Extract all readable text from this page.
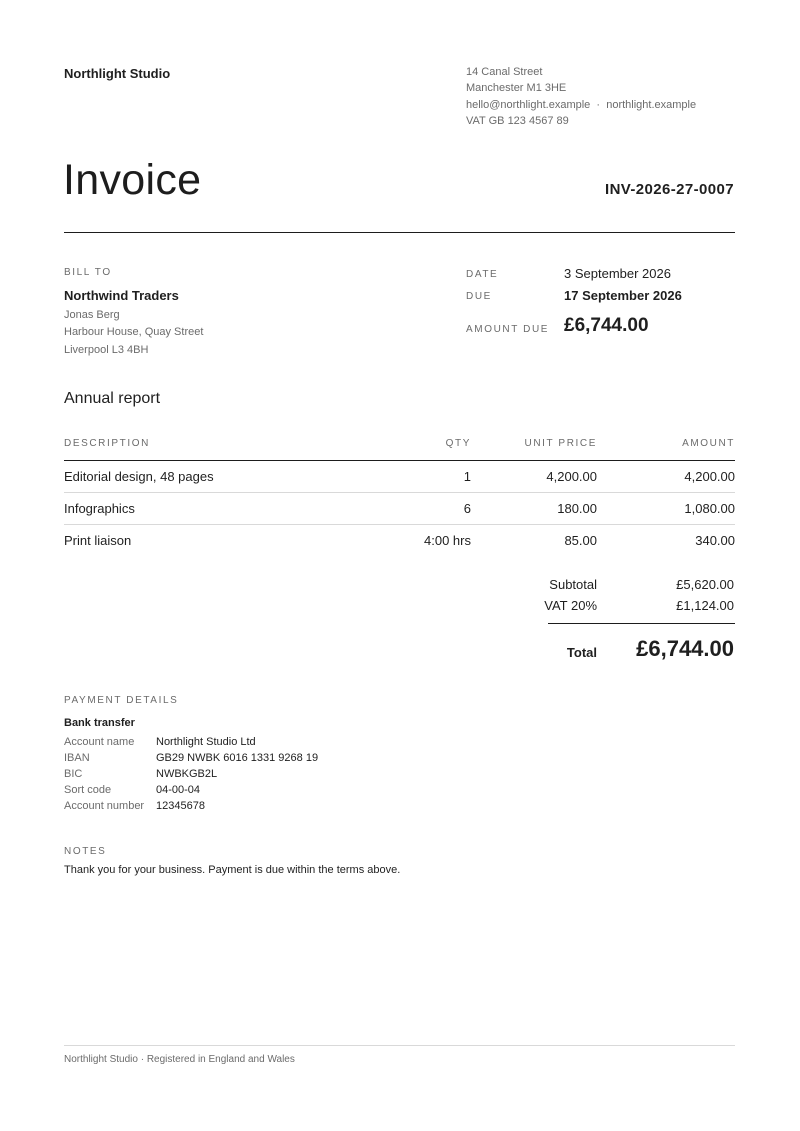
Northlight Studio	14 Canal Street
Manchester M1 3HE
hello@northlight.example · northlight.example
VAT GB 123 4567 89
Invoice	INV-2026-27-0007
BILL TO
Northwind Traders
Jonas Berg
Harbour House, Quay Street
Liverpool L3 4BH
DATE	3 September 2026
DUE	17 September 2026
AMOUNT DUE £6,744.00
Annual report
DESCRIPTION	QTY	UNIT PRICE	AMOUNT
Editorial design, 48 pages	1	4,200.00	4,200.00
Infographics	6	180.00	1,080.00
Print liaison	4:00 hrs	85.00	340.00
Subtotal	£5,620.00
VAT 20%	£1,124.00
Total £6,744.00
PAYMENT DETAILS
Bank transfer
Account name	Northlight Studio Ltd
IBAN	GB29 NWBK 6016 1331 9268 19
BIC	NWBKGB2L
Sort code	04-00-04
Account number	12345678
NOTES
Thank you for your business. Payment is due within the terms above.
Northlight Studio · Registered in England and Wales
